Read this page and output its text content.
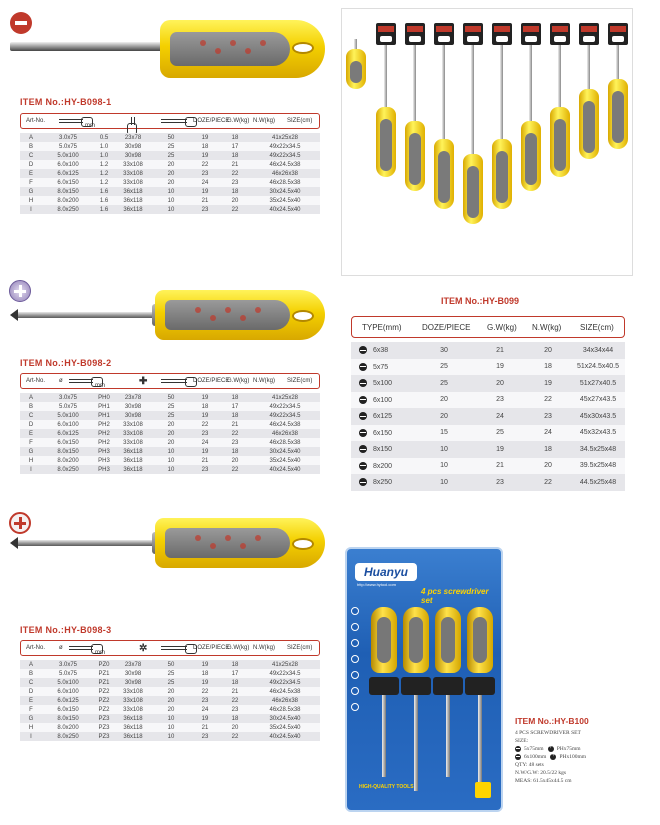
ITEM No.:HY-B098-1
Art-No.
mm
DOZE/PIECE
G.W(kg) N.W(kg) SIZE(cm)
A	3.0x75	0.5	23x78	50	19	18	41x25x28
B	5.0x75	1.0	30x98	25	18	17	49x22x34.5
C	5.0x100	1.0	30x98	25	19	18	49x22x34.5
D	6.0x100	1.2	33x108	20	22	21	46x24.5x38
E	6.0x125	1.2	33x108	20	23	22	46x26x38
F	6.0x150	1.2	33x108	20	24	23	46x28.5x38
G	8.0x150	1.6	36x118	10	19	18	30x24.5x40
H	8.0x200	1.6	36x118	10	21	20	35x24.5x40
I	8.0x250	1.6	36x118	10	23	22	40x24.5x40
ITEM No.:HY-B098-2
Art-No. ø
mm	✚	DOZE/PIECE
G.W(kg) N.W(kg) SIZE(cm)
A	3.0x75	PH0	23x78	50	19	18	41x25x28
B	5.0x75	PH1	30x98	25	18	17	49x22x34.5
C	5.0x100	PH1	30x98	25	19	18	49x22x34.5
D	6.0x100	PH2	33x108	20	22	21	46x24.5x38
E	6.0x125	PH2	33x108	20	23	22	46x26x38
F	6.0x150	PH2	33x108	20	24	23	46x28.5x38
G	8.0x150	PH3	36x118	10	19	18	30x24.5x40
H	8.0x200	PH3	36x118	10	21	20	35x24.5x40
I	8.0x250	PH3	36x118	10	23	22	40x24.5x40
ITEM No.:HY-B098-3
Art-No. ø
mm	✲	DOZE/PIECE
G.W(kg) N.W(kg) SIZE(cm)
A	3.0x75	PZ0	23x78	50	19	18	41x25x28
B	5.0x75	PZ1	30x98	25	18	17	49x22x34.5
C	5.0x100	PZ1	30x98	25	19	18	49x22x34.5
D	6.0x100	PZ2	33x108	20	22	21	46x24.5x38
E	6.0x125	PZ2	33x108	20	23	22	46x26x38
F	6.0x150	PZ2	33x108	20	24	23	46x28.5x38
G	8.0x150	PZ3	36x118	10	19	18	30x24.5x40
H	8.0x200	PZ3	36x118	10	21	20	35x24.5x40
I	8.0x250	PZ3	36x118	10	23	22	40x24.5x40
ITEM No.:HY-B099
TYPE(mm)	DOZE/PIECE G.W(kg) N.W(kg) SIZE(cm)
6x38	30	21	20	34x34x44
5x75	25	19	18	51x24.5x40.5
5x100	25	20	19	51x27x40.5
6x100	20	23	22	45x27x43.5
6x125	20	24	23	45x30x43.5
6x150	15	25	24	45x32x43.5
8x150	10	19	18	34.5x25x48
8x200	10	21	20	39.5x25x48
8x250	10	23	22	44.5x25x48
Huanyu
http://www.hytool.com
4 pcs screwdriver set
HIGH-QUALITY TOOLS
ITEM No.:HY-B100
4 PCS SCREWDRIVER SET
SIZE:
5x75mm + PHx75mm
6x100mm + PHx100mm
QTY: 48 sets
N.W/G.W: 20.5/22 kgs
MEAS: 61.5x45x44.5 cm
